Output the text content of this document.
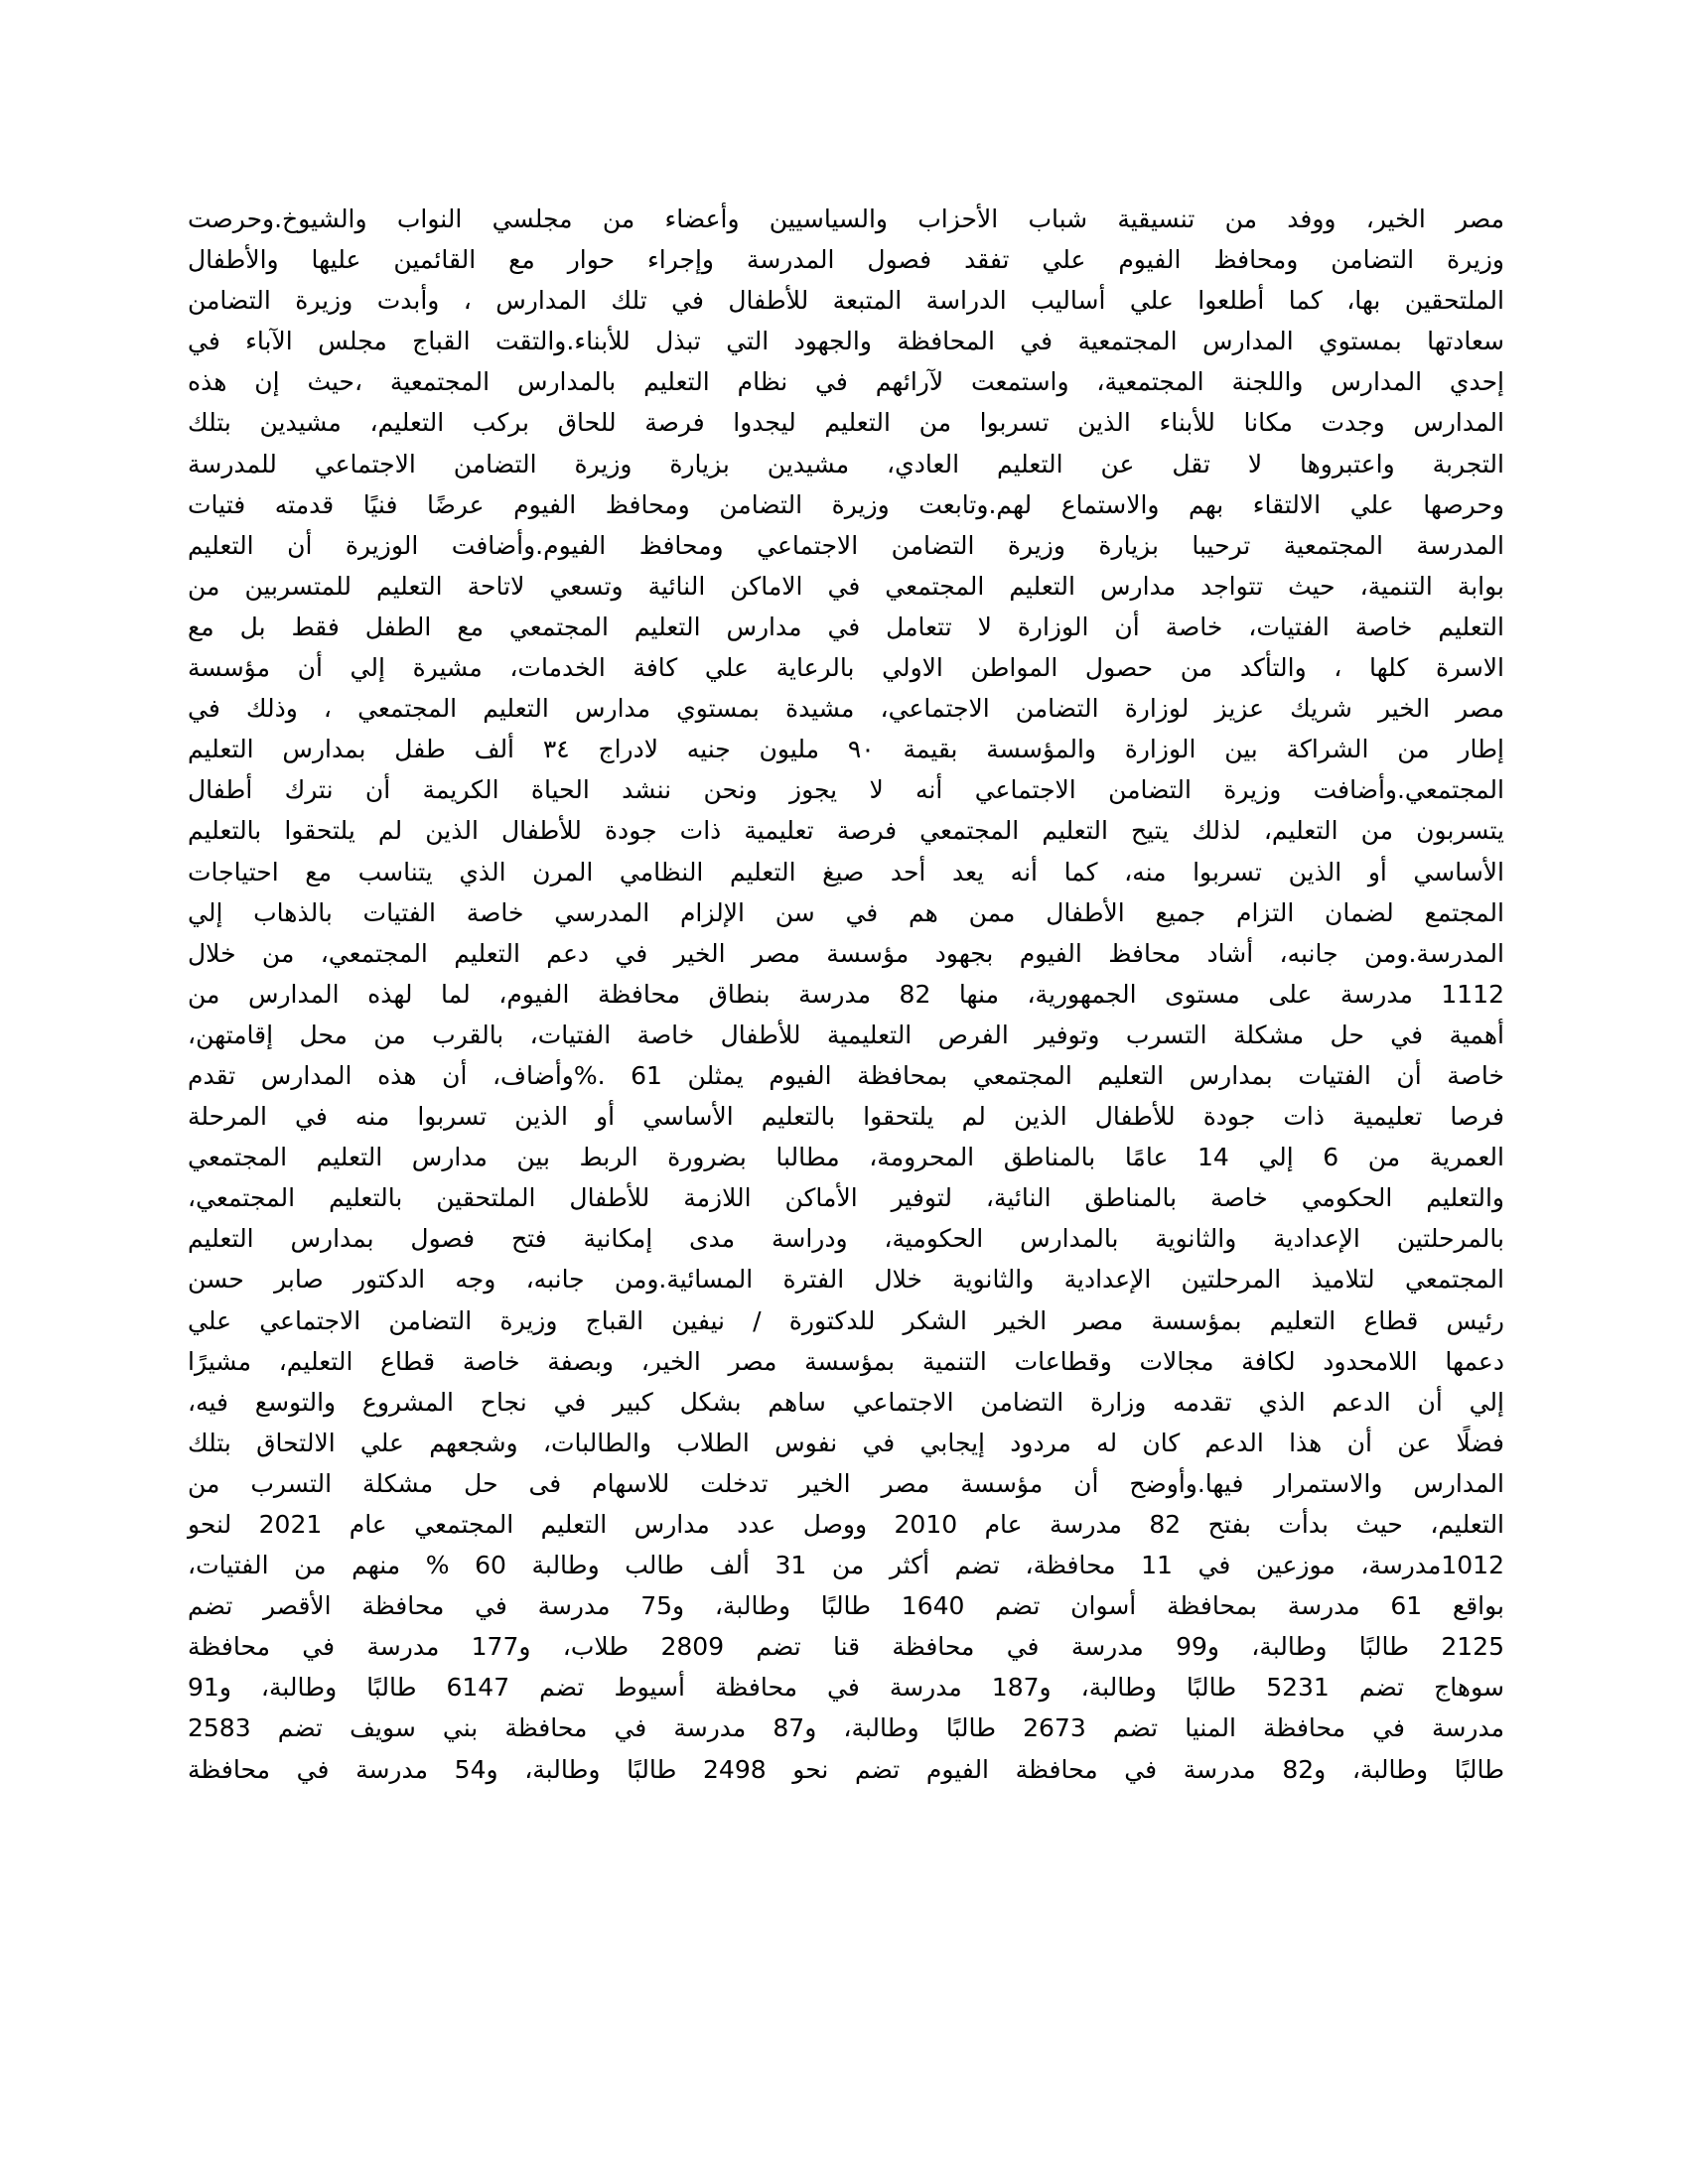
مصر الخير، ووفد من تنسيقية شباب الأحزاب والسياسيين وأعضاء من مجلسي النواب والشيوخ.وحرصت
وزيرة التضامن ومحافظ الفيوم علي تفقد فصول المدرسة وإجراء حوار مع القائمين عليها والأطفال
الملتحقين بها، كما أطلعوا علي أساليب الدراسة المتبعة للأطفال في تلك المدارس ، وأبدت وزيرة التضامن
سعادتها بمستوي المدارس المجتمعية في المحافظة والجهود التي تبذل للأبناء.والتقت القباج مجلس الآباء في
إحدي المدارس واللجنة المجتمعية، واستمعت لآرائهم في نظام التعليم بالمدارس المجتمعية ،حيث إن هذه
المدارس وجدت مكانا للأبناء الذين تسربوا من التعليم ليجدوا فرصة للحاق بركب التعليم، مشيدين بتلك
التجربة واعتبروها لا تقل عن التعليم العادي، مشيدين بزيارة وزيرة التضامن الاجتماعي للمدرسة
وحرصها علي الالتقاء بهم والاستماع لهم.وتابعت وزيرة التضامن ومحافظ الفيوم عرضًا فنيًا قدمته فتيات
المدرسة المجتمعية ترحيبا بزيارة وزيرة التضامن الاجتماعي ومحافظ الفيوم.وأضافت الوزيرة أن التعليم
بوابة التنمية، حيث تتواجد مدارس التعليم المجتمعي في الاماكن النائية وتسعي لاتاحة التعليم للمتسربين من
التعليم خاصة الفتيات، خاصة أن الوزارة لا تتعامل في مدارس التعليم المجتمعي مع الطفل فقط بل مع
الاسرة كلها ، والتأكد من حصول المواطن الاولي بالرعاية علي كافة الخدمات، مشيرة إلي أن مؤسسة
مصر الخير شريك عزيز لوزارة التضامن الاجتماعي، مشيدة بمستوي مدارس التعليم المجتمعي ، وذلك في
إطار من الشراكة بين الوزارة والمؤسسة بقيمة ٩٠ مليون جنيه لادراج ٣٤ ألف طفل بمدارس التعليم
المجتمعي.وأضافت وزيرة التضامن الاجتماعي أنه لا يجوز ونحن ننشد الحياة الكريمة أن نترك أطفال
يتسربون من التعليم، لذلك يتيح التعليم المجتمعي فرصة تعليمية ذات جودة للأطفال الذين لم يلتحقوا بالتعليم
الأساسي أو الذين تسربوا منه، كما أنه يعد أحد صيغ التعليم النظامي المرن الذي يتناسب مع احتياجات
المجتمع لضمان التزام جميع الأطفال ممن هم في سن الإلزام المدرسي خاصة الفتيات بالذهاب إلي
المدرسة.ومن جانبه، أشاد محافظ الفيوم بجهود مؤسسة مصر الخير في دعم التعليم المجتمعي، من خلال
1112 مدرسة على مستوى الجمهورية، منها 82 مدرسة بنطاق محافظة الفيوم، لما لهذه المدارس من
أهمية في حل مشكلة التسرب وتوفير الفرص التعليمية للأطفال خاصة الفتيات، بالقرب من محل إقامتهن،
خاصة أن الفتيات بمدارس التعليم المجتمعي بمحافظة الفيوم يمثلن 61 .%وأضاف، أن هذه المدارس تقدم
فرصا تعليمية ذات جودة للأطفال الذين لم يلتحقوا بالتعليم الأساسي أو الذين تسربوا منه في المرحلة
العمرية من 6 إلي 14 عامًا بالمناطق المحرومة، مطالبا بضرورة الربط بين مدارس التعليم المجتمعي
والتعليم الحكومي خاصة بالمناطق النائية، لتوفير الأماكن اللازمة للأطفال الملتحقين بالتعليم المجتمعي،
بالمرحلتين الإعدادية والثانوية بالمدارس الحكومية، ودراسة مدى إمكانية فتح فصول بمدارس التعليم
المجتمعي لتلاميذ المرحلتين الإعدادية والثانوية خلال الفترة المسائية.ومن جانبه، وجه الدكتور صابر حسن
رئيس قطاع التعليم بمؤسسة مصر الخير الشكر للدكتورة / نيفين القباج وزيرة التضامن الاجتماعي علي
دعمها اللامحدود لكافة مجالات وقطاعات التنمية بمؤسسة مصر الخير، وبصفة خاصة قطاع التعليم، مشيرًا
إلي أن الدعم الذي تقدمه وزارة التضامن الاجتماعي ساهم بشكل كبير في نجاح المشروع والتوسع فيه،
فضلًا عن أن هذا الدعم كان له مردود إيجابي في نفوس الطلاب والطالبات، وشجعهم علي الالتحاق بتلك
المدارس والاستمرار فيها.وأوضح أن مؤسسة مصر الخير تدخلت للاسهام فى حل مشكلة التسرب من
التعليم، حيث بدأت بفتح 82 مدرسة عام 2010 ووصل عدد مدارس التعليم المجتمعي عام 2021 لنحو
1012مدرسة، موزعين في 11 محافظة، تضم أكثر من 31 ألف طالب وطالبة 60 % منهم من الفتيات،
بواقع 61 مدرسة بمحافظة أسوان تضم 1640 طالبًا وطالبة، و75 مدرسة في محافظة الأقصر تضم
2125 طالبًا وطالبة، و99 مدرسة في محافظة قنا تضم 2809 طلاب، و177 مدرسة في محافظة
سوهاج تضم 5231 طالبًا وطالبة، و187 مدرسة في محافظة أسيوط تضم 6147 طالبًا وطالبة، و91
مدرسة في محافظة المنيا تضم 2673 طالبًا وطالبة، و87 مدرسة في محافظة بني سويف تضم 2583
طالبًا وطالبة، و82 مدرسة في محافظة الفيوم تضم نحو 2498 طالبًا وطالبة، و54 مدرسة في محافظة
